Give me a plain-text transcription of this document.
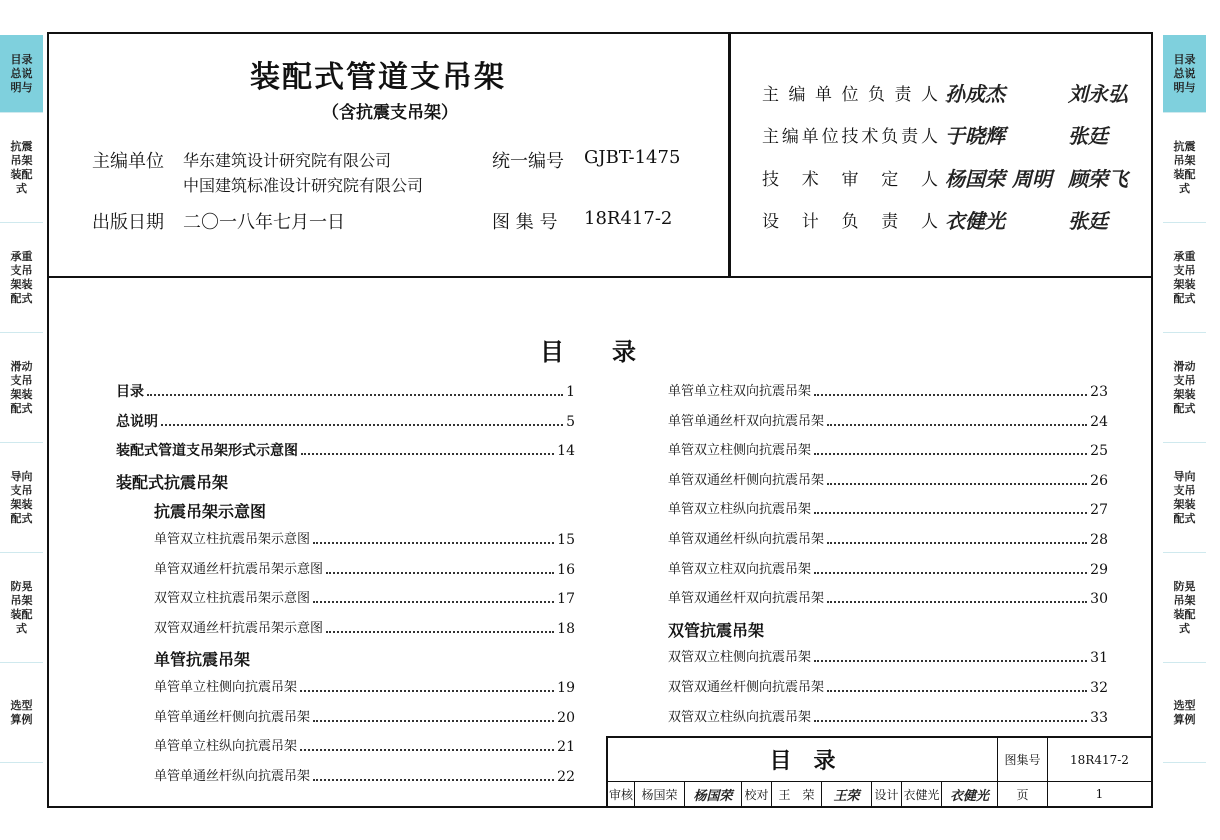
目录总说明与
抗震吊架装配式
承重支吊架装配式
滑动支吊架装配式
导向支吊架装配式
防晃吊架装配式
选型算例
目录总说明与
抗震吊架装配式
承重支吊架装配式
滑动支吊架装配式
导向支吊架装配式
防晃吊架装配式
选型算例
装配式管道支吊架
（含抗震支吊架）
主编单位 华东建筑设计研究院有限公司
中国建筑标准设计研究院有限公司
出版日期 二〇一八年七月一日
统一编号 GJBT-1475
图 集 号 18R417-2
主编单位负责人 孙成杰	刘永弘
主编单位技术负责人 于晓辉	张廷
技术审定人 杨国荣 周明 顾荣飞
设计负责人 衣健光	张廷
目　　录
目录	1
总说明	5
装配式管道支吊架形式示意图	14
装配式抗震吊架
抗震吊架示意图
单管双立柱抗震吊架示意图	15
单管双通丝杆抗震吊架示意图	16
双管双立柱抗震吊架示意图	17
双管双通丝杆抗震吊架示意图	18
单管抗震吊架
单管单立柱侧向抗震吊架	19
单管单通丝杆侧向抗震吊架	20
单管单立柱纵向抗震吊架	21
单管单通丝杆纵向抗震吊架	22
单管单立柱双向抗震吊架	23
单管单通丝杆双向抗震吊架	24
单管双立柱侧向抗震吊架	25
单管双通丝杆侧向抗震吊架	26
单管双立柱纵向抗震吊架	27
单管双通丝杆纵向抗震吊架	28
单管双立柱双向抗震吊架	29
单管双通丝杆双向抗震吊架	30
双管抗震吊架
双管双立柱侧向抗震吊架	31
双管双通丝杆侧向抗震吊架	32
双管双立柱纵向抗震吊架	33
目　录	图集号	18R417-2
审核 杨国荣	杨国荣 校对 王　荣	王荣	设计 衣健光 衣健光	页	1
